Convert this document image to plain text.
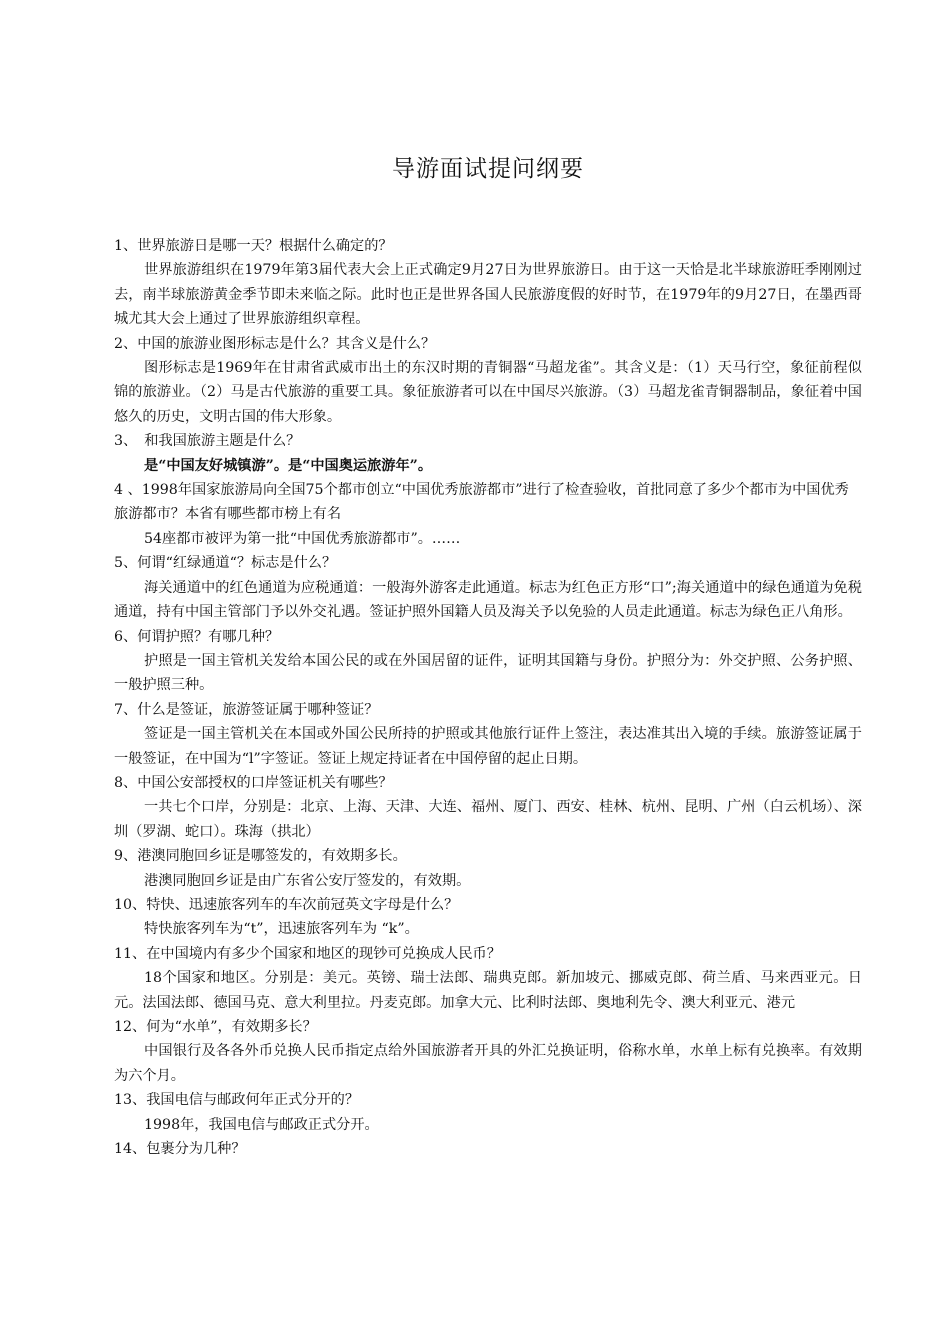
导游面试提问纲要

1、世界旅游日是哪一天？根据什么确定的？

世界旅游组织在1979年第3届代表大会上正式确定9月27日为世界旅游日。由于这一天恰是北半球旅游旺季刚刚过去，南半球旅游黄金季节即未来临之际。此时也正是世界各国人民旅游度假的好时节，在1979年的9月27日，在墨西哥城尤其大会上通过了世界旅游组织章程。

2、中国的旅游业图形标志是什么？其含义是什么？

图形标志是1969年在甘肃省武威市出土的东汉时期的青铜器“马超龙雀”。其含义是：（1）天马行空，象征前程似锦的旅游业。（2）马是古代旅游的重要工具。象征旅游者可以在中国尽兴旅游。（3）马超龙雀青铜器制品，象征着中国悠久的历史，文明古国的伟大形象。

3、　和我国旅游主题是什么？

是“中国友好城镇游”。是“中国奥运旅游年”。

4 、1998年国家旅游局向全国75个都市创立“中国优秀旅游都市”进行了检查验收，首批同意了多少个都市为中国优秀旅游都市？本省有哪些都市榜上有名

54座都市被评为第一批“中国优秀旅游都市”。……

5、何谓“红绿通道“？标志是什么？

海关通道中的红色通道为应税通道：一般海外游客走此通道。标志为红色正方形“口”;海关通道中的绿色通道为免税通道，持有中国主管部门予以外交礼遇。签证护照外国籍人员及海关予以免验的人员走此通道。标志为绿色正八角形。

6、何谓护照？有哪几种？

护照是一国主管机关发给本国公民的或在外国居留的证件，证明其国籍与身份。护照分为：外交护照、公务护照、一般护照三种。

7、什么是签证，旅游签证属于哪种签证？

签证是一国主管机关在本国或外国公民所持的护照或其他旅行证件上签注，表达准其出入境的手续。旅游签证属于一般签证，在中国为“l”字签证。签证上规定持证者在中国停留的起止日期。

8、中国公安部授权的口岸签证机关有哪些？

一共七个口岸，分别是：北京、上海、天津、大连、福州、厦门、西安、桂林、杭州、昆明、广州（白云机场）、深圳（罗湖、蛇口）。珠海（拱北）

9、港澳同胞回乡证是哪签发的，有效期多长。

港澳同胞回乡证是由广东省公安厅签发的，有效期。

10、特快、迅速旅客列车的车次前冠英文字母是什么？

特快旅客列车为“t”，迅速旅客列车为 “k”。

11、在中国境内有多少个国家和地区的现钞可兑换成人民币？

18个国家和地区。分别是：美元。英镑、瑞士法郎、瑞典克郎。新加坡元、挪威克郎、荷兰盾、马来西亚元。日元。法国法郎、德国马克、意大利里拉。丹麦克郎。加拿大元、比利时法郎、奥地利先令、澳大利亚元、港元

12、何为“水单”，有效期多长？

中国银行及各各外币兑换人民币指定点给外国旅游者开具的外汇兑换证明，俗称水单，水单上标有兑换率。有效期为六个月。

13、我国电信与邮政何年正式分开的？

1998年，我国电信与邮政正式分开。

14、包裹分为几种？
